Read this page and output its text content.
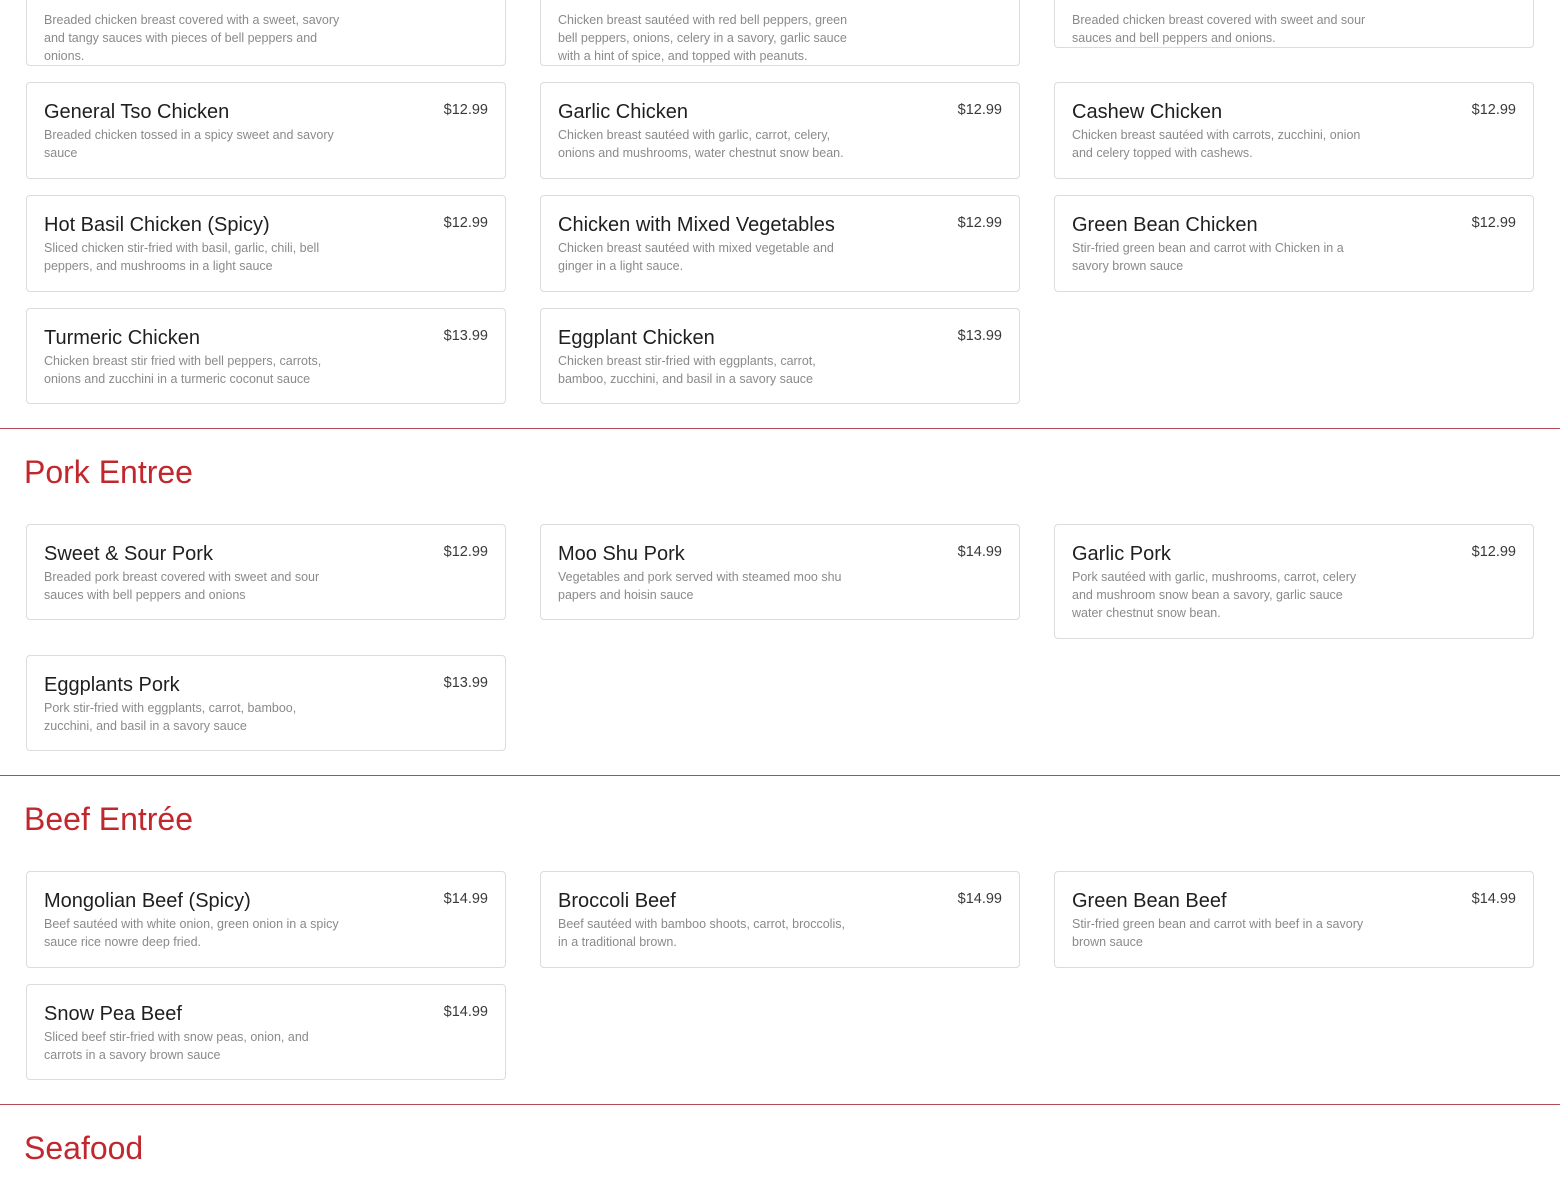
Breaded chicken breast covered with a sweet, savory and tangy sauces with pieces of bell peppers and onions.
Chicken breast sautéed with red bell peppers, green bell peppers, onions, celery in a savory, garlic sauce with a hint of spice, and topped with peanuts.
Breaded chicken breast covered with sweet and sour sauces and bell peppers and onions.
General Tso Chicken	$12.99
Breaded chicken tossed in a spicy sweet and savory sauce
Garlic Chicken	$12.99
Chicken breast sautéed with garlic, carrot, celery, onions and mushrooms, water chestnut snow bean.
Cashew Chicken	$12.99
Chicken breast sautéed with carrots, zucchini, onion and celery topped with cashews.
Hot Basil Chicken (Spicy)	$12.99
Sliced chicken stir-fried with basil, garlic, chili, bell peppers, and mushrooms in a light sauce
Chicken with Mixed Vegetables	$12.99
Chicken breast sautéed with mixed vegetable and ginger in a light sauce.
Green Bean Chicken	$12.99
Stir-fried green bean and carrot with Chicken in a savory brown sauce
Turmeric Chicken	$13.99
Chicken breast stir fried with bell peppers, carrots, onions and zucchini in a turmeric coconut sauce
Eggplant Chicken	$13.99
Chicken breast stir-fried with eggplants, carrot, bamboo, zucchini, and basil in a savory sauce
Pork Entree
Sweet & Sour Pork	$12.99
Breaded pork breast covered with sweet and sour sauces with bell peppers and onions
Moo Shu Pork	$14.99
Vegetables and pork served with steamed moo shu papers and hoisin sauce
Garlic Pork	$12.99
Pork sautéed with garlic, mushrooms, carrot, celery and mushroom snow bean a savory, garlic sauce water chestnut snow bean.
Eggplants Pork	$13.99
Pork stir-fried with eggplants, carrot, bamboo, zucchini, and basil in a savory sauce
Beef Entrée
Mongolian Beef (Spicy)	$14.99
Beef sautéed with white onion, green onion in a spicy sauce rice nowre deep fried.
Broccoli Beef	$14.99
Beef sautéed with bamboo shoots, carrot, broccolis, in a traditional brown.
Green Bean Beef	$14.99
Stir-fried green bean and carrot with beef in a savory brown sauce
Snow Pea Beef	$14.99
Sliced beef stir-fried with snow peas, onion, and carrots in a savory brown sauce
Seafood
